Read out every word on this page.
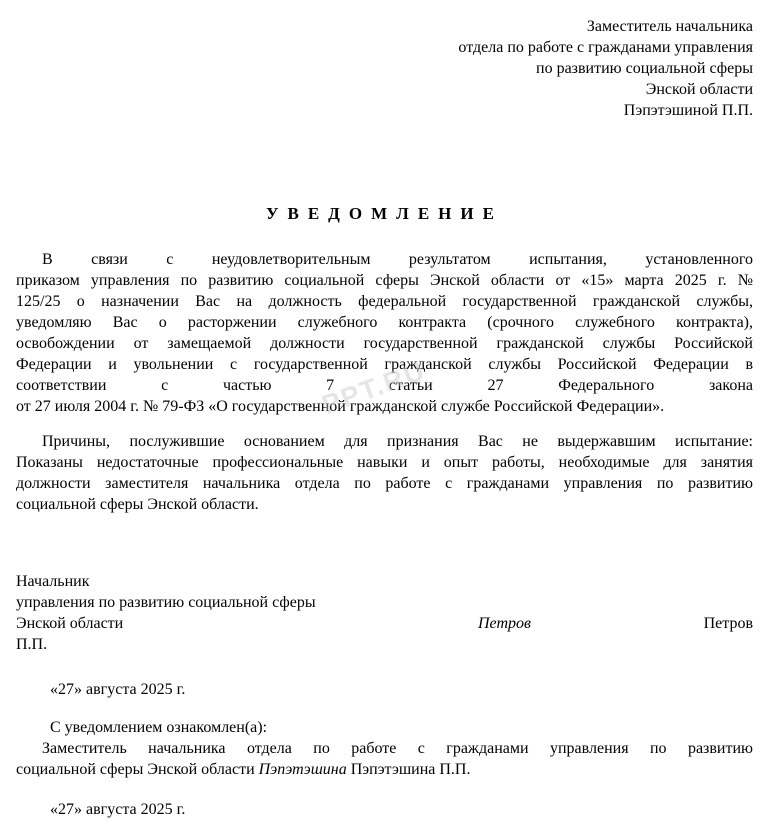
Заместитель начальника
отдела по работе с гражданами управления
по развитию социальной сферы
Энской области
Пэпэтэшиной П.П.
УВЕДОМЛЕНИЕ
В связи с неудовлетворительным результатом испытания, установленного
приказом управления по развитию социальной сферы Энской области от «15» марта 2025 г. №
125/25 о назначении Вас на должность федеральной государственной гражданской службы,
уведомляю Вас о расторжении служебного контракта (срочного служебного контракта),
освобождении от замещаемой должности государственной гражданской службы Российской
Федерации и увольнении с государственной гражданской службы Российской Федерации в
соответствии с частью 7 статьи 27 Федерального закона
от 27 июля 2004 г. № 79-ФЗ «О государственной гражданской службе Российской Федерации».
Причины, послужившие основанием для признания Вас не выдержавшим испытание:
Показаны недостаточные профессиональные навыки и опыт работы, необходимые для занятия
должности заместителя начальника отдела по работе с гражданами управления по развитию
социальной сферы Энской области.
Начальник
управления по развитию социальной сферы
Энской области	Петров	Петров
П.П.
«27» августа 2025 г.
С уведомлением ознакомлен(а):
Заместитель начальника отдела по работе с гражданами управления по развитию
социальной сферы Энской области Пэпэтэшина Пэпэтэшина П.П.
«27» августа 2025 г.
PPT.RU
